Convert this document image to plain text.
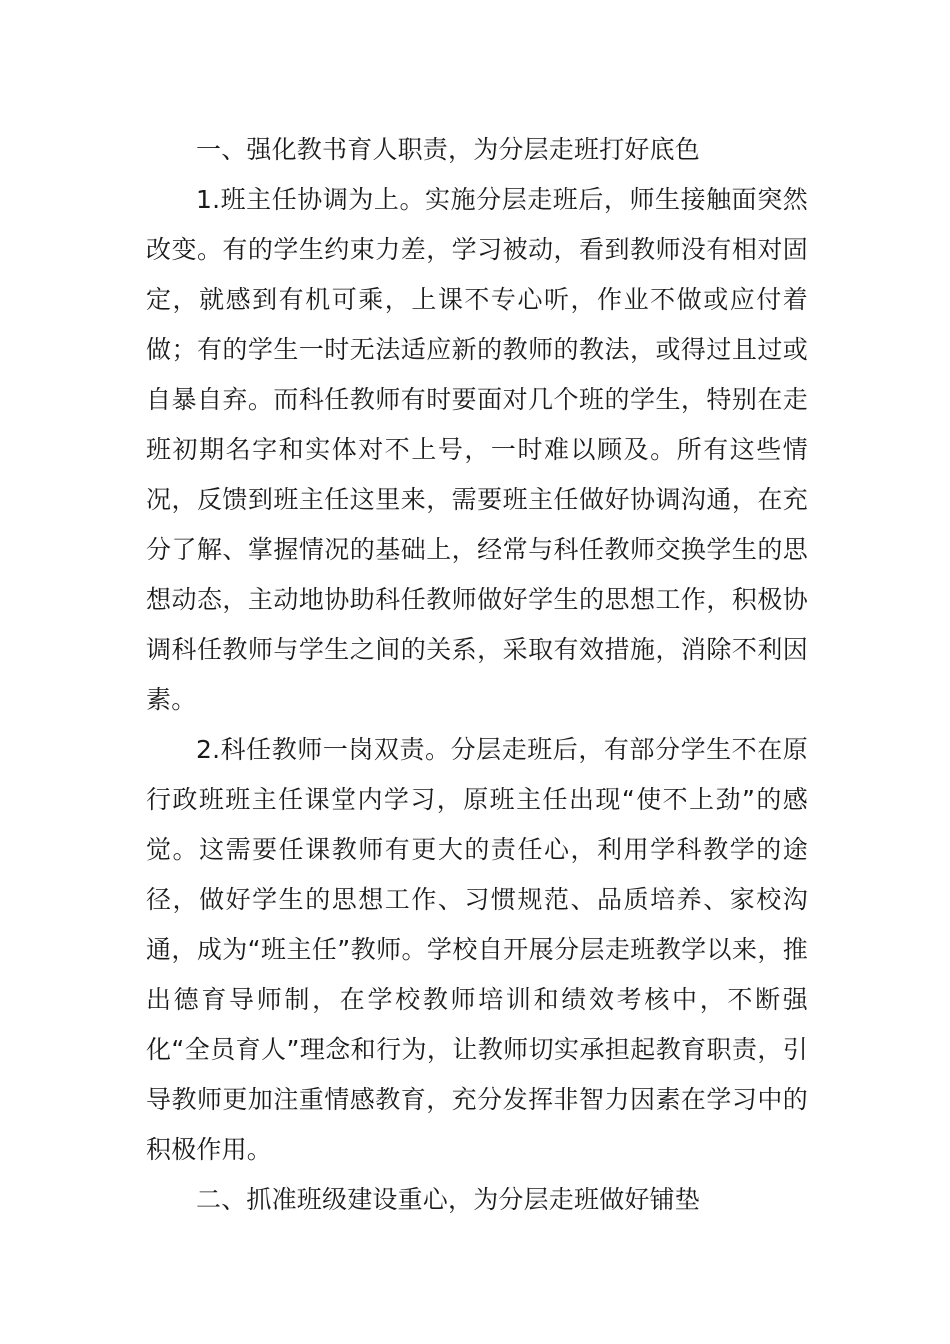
一、强化教书育人职责，为分层走班打好底色

1.班主任协调为上。实施分层走班后，师生接触面突然改变。有的学生约束力差，学习被动，看到教师没有相对固定，就感到有机可乘，上课不专心听，作业不做或应付着做；有的学生一时无法适应新的教师的教法，或得过且过或自暴自弃。而科任教师有时要面对几个班的学生，特别在走班初期名字和实体对不上号，一时难以顾及。所有这些情况，反馈到班主任这里来，需要班主任做好协调沟通，在充分了解、掌握情况的基础上，经常与科任教师交换学生的思想动态，主动地协助科任教师做好学生的思想工作，积极协调科任教师与学生之间的关系，采取有效措施，消除不利因素。

2.科任教师一岗双责。分层走班后，有部分学生不在原行政班班主任课堂内学习，原班主任出现“使不上劲”的感觉。这需要任课教师有更大的责任心，利用学科教学的途径，做好学生的思想工作、习惯规范、品质培养、家校沟通，成为“班主任”教师。学校自开展分层走班教学以来，推出德育导师制，在学校教师培训和绩效考核中，不断强化“全员育人”理念和行为，让教师切实承担起教育职责，引导教师更加注重情感教育，充分发挥非智力因素在学习中的积极作用。

二、抓准班级建设重心，为分层走班做好铺垫
